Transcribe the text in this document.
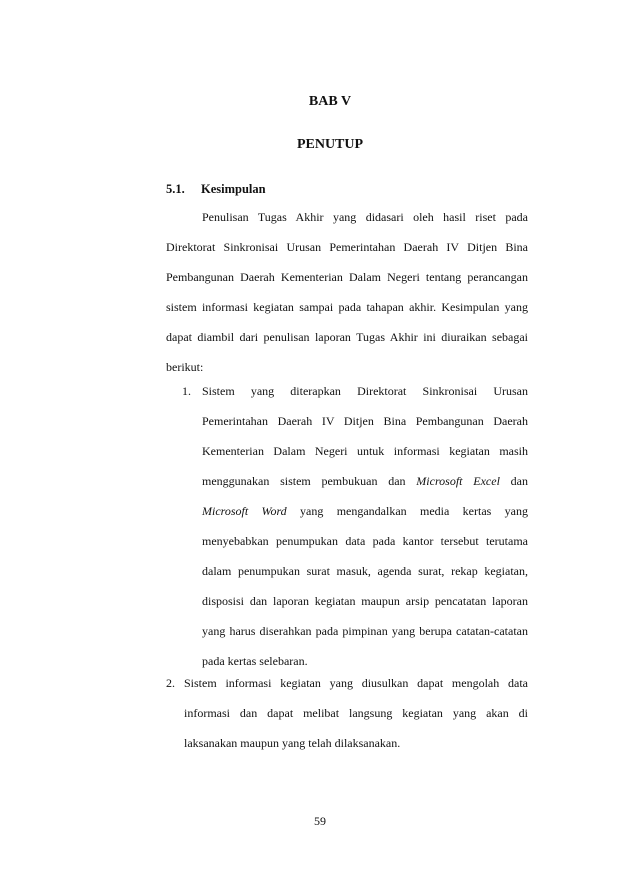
BAB V
PENUTUP
5.1. Kesimpulan

Penulisan Tugas Akhir yang didasari oleh hasil riset pada Direktorat Sinkronisai Urusan Pemerintahan Daerah IV Ditjen Bina Pembangunan Daerah Kementerian Dalam Negeri tentang perancangan sistem informasi kegiatan sampai pada tahapan akhir. Kesimpulan yang dapat diambil dari penulisan laporan Tugas Akhir ini diuraikan sebagai berikut:

1. Sistem yang diterapkan Direktorat Sinkronisai Urusan Pemerintahan Daerah IV Ditjen Bina Pembangunan Daerah Kementerian Dalam Negeri untuk informasi kegiatan masih menggunakan sistem pembukuan dan Microsoft Excel dan Microsoft Word yang mengandalkan media kertas yang menyebabkan penumpukan data pada kantor tersebut terutama dalam penumpukan surat masuk, agenda surat, rekap kegiatan, disposisi dan laporan kegiatan maupun arsip pencatatan laporan yang harus diserahkan pada pimpinan yang berupa catatan-catatan pada kertas selebaran.
2. Sistem informasi kegiatan yang diusulkan dapat mengolah data informasi dan dapat melibat langsung kegiatan yang akan di laksanakan maupun yang telah dilaksanakan.
59
